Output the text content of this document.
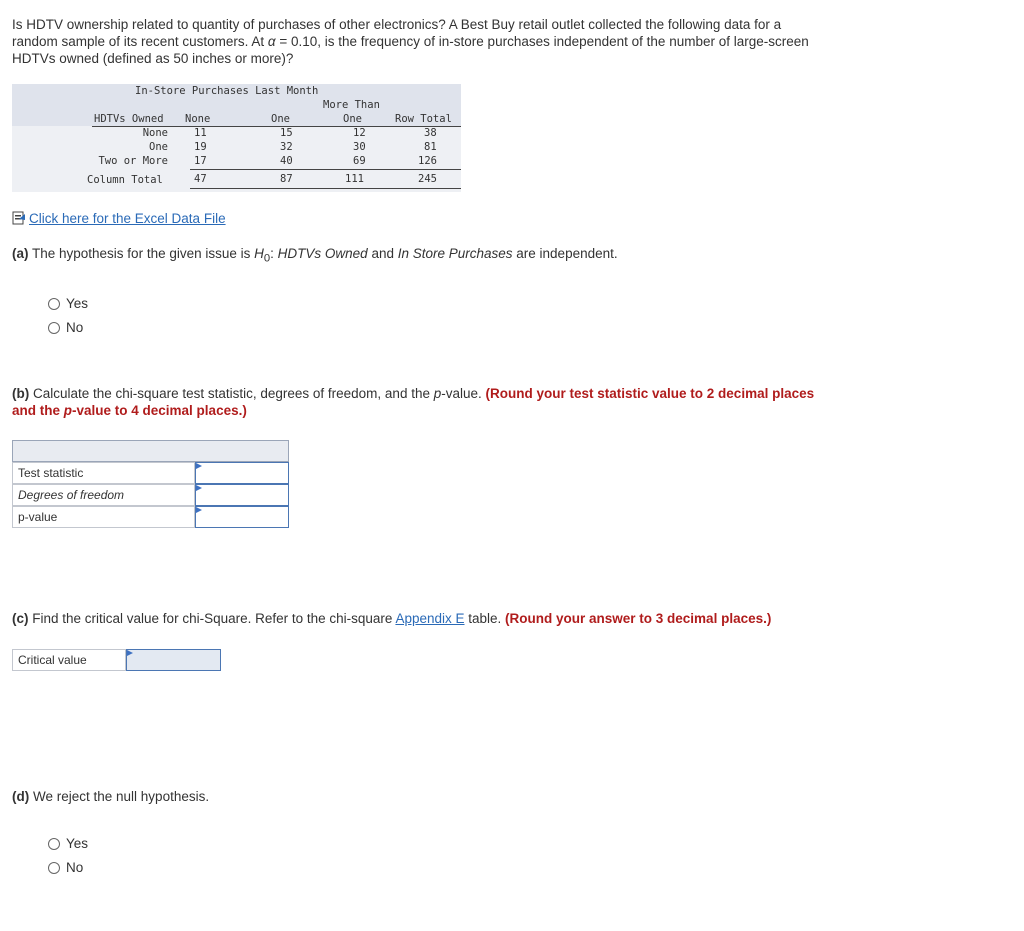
Is HDTV ownership related to quantity of purchases of other electronics? A Best Buy retail outlet collected the following data for a
random sample of its recent customers. At α = 0.10, is the frequency of in-store purchases independent of the number of large-screen
HDTVs owned (defined as 50 inches or more)?
In-Store Purchases Last Month
More Than
HDTVs Owned None	One	One	Row Total
None 11	15	12	38
One 19	32	30	81
Two or More 17	40	69	126
Column Total	47	87	111	245
Click here for the Excel Data File
(a) The hypothesis for the given issue is $H_0$: HDTVs Owned and In Store Purchases are independent.
Yes
No
(b) Calculate the chi-square test statistic, degrees of freedom, and the p-value. (Round your test statistic value to 2 decimal places
and the p-value to 4 decimal places.)
Test statistic
Degrees of freedom
p-value
(c) Find the critical value for chi-Square. Refer to the chi-square Appendix E table. (Round your answer to 3 decimal places.)
Critical value
(d) We reject the null hypothesis.
Yes
No
